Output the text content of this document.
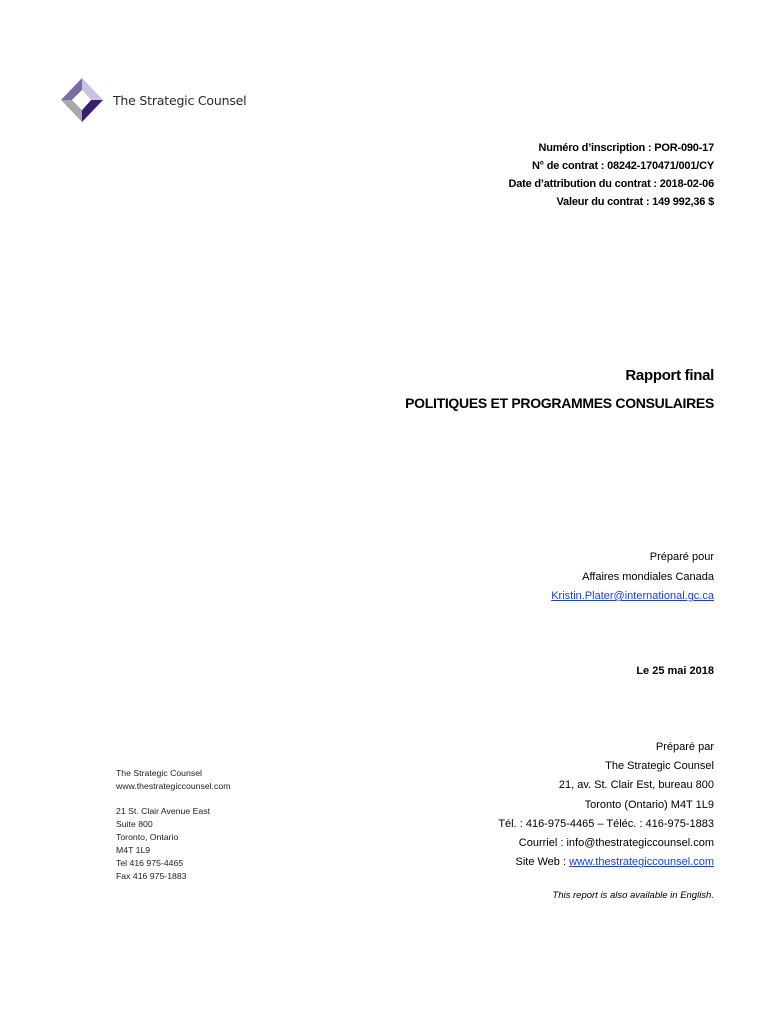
The Strategic Counsel
Numéro d’inscription : POR-090-17
N° de contrat : 08242-170471/001/CY
Date d’attribution du contrat : 2018-02-06
Valeur du contrat : 149 992,36 $
Rapport final
POLITIQUES ET PROGRAMMES CONSULAIRES
Préparé pour
Affaires mondiales Canada
Kristin.Plater@international.gc.ca
Le 25 mai 2018
Préparé par
The Strategic Counsel
21, av. St. Clair Est, bureau 800
Toronto (Ontario) M4T 1L9
Tél. : 416-975-4465 – Téléc. : 416-975-1883
Courriel : info@thestrategiccounsel.com
Site Web : www.thestrategiccounsel.com
This report is also available in English.
The Strategic Counsel
www.thestrategiccounsel.com
21 St. Clair Avenue East
Suite 800
Toronto, Ontario
M4T 1L9
Tel 416 975-4465
Fax 416 975-1883
